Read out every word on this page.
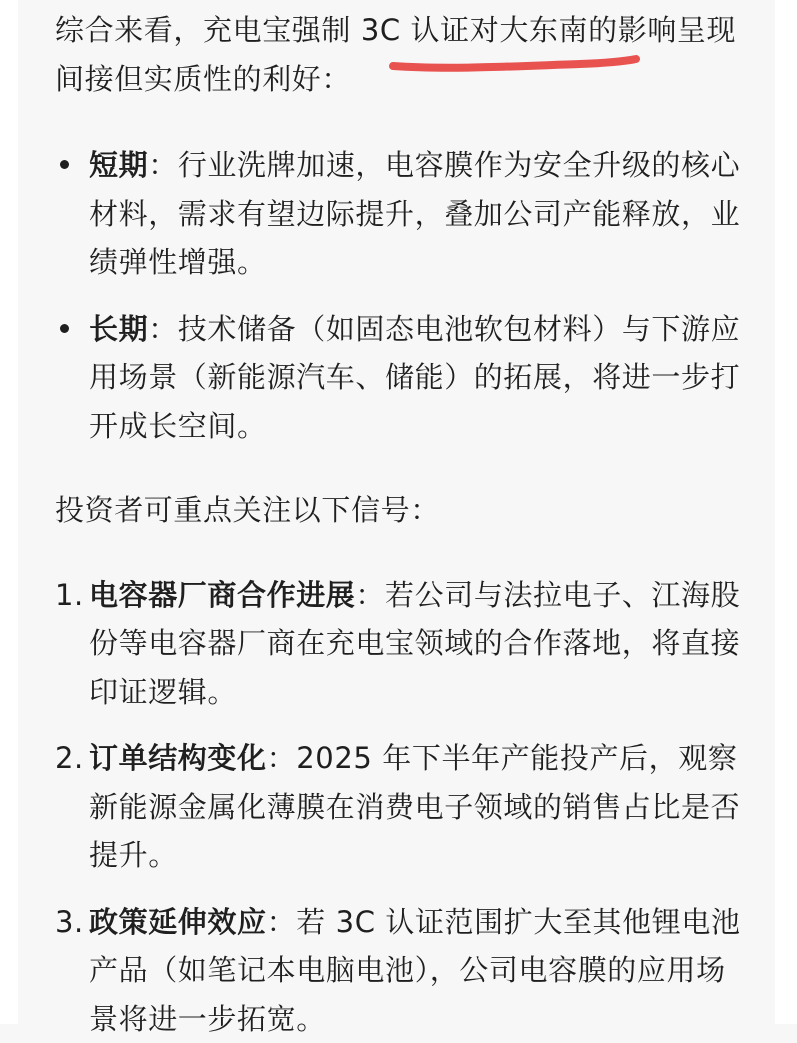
综合来看，充电宝强制 3C 认证对大东南的影响呈现间接但实质性的利好：

短期：行业洗牌加速，电容膜作为安全升级的核心材料，需求有望边际提升，叠加公司产能释放，业绩弹性增强。
长期：技术储备（如固态电池软包材料）与下游应用场景（新能源汽车、储能）的拓展，将进一步打开成长空间。

投资者可重点关注以下信号：

1. 电容器厂商合作进展：若公司与法拉电子、江海股份等电容器厂商在充电宝领域的合作落地，将直接印证逻辑。
2. 订单结构变化：2025 年下半年产能投产后，观察新能源金属化薄膜在消费电子领域的销售占比是否提升。
3. 政策延伸效应：若 3C 认证范围扩大至其他锂电池产品（如笔记本电脑电池），公司电容膜的应用场景将进一步拓宽。
